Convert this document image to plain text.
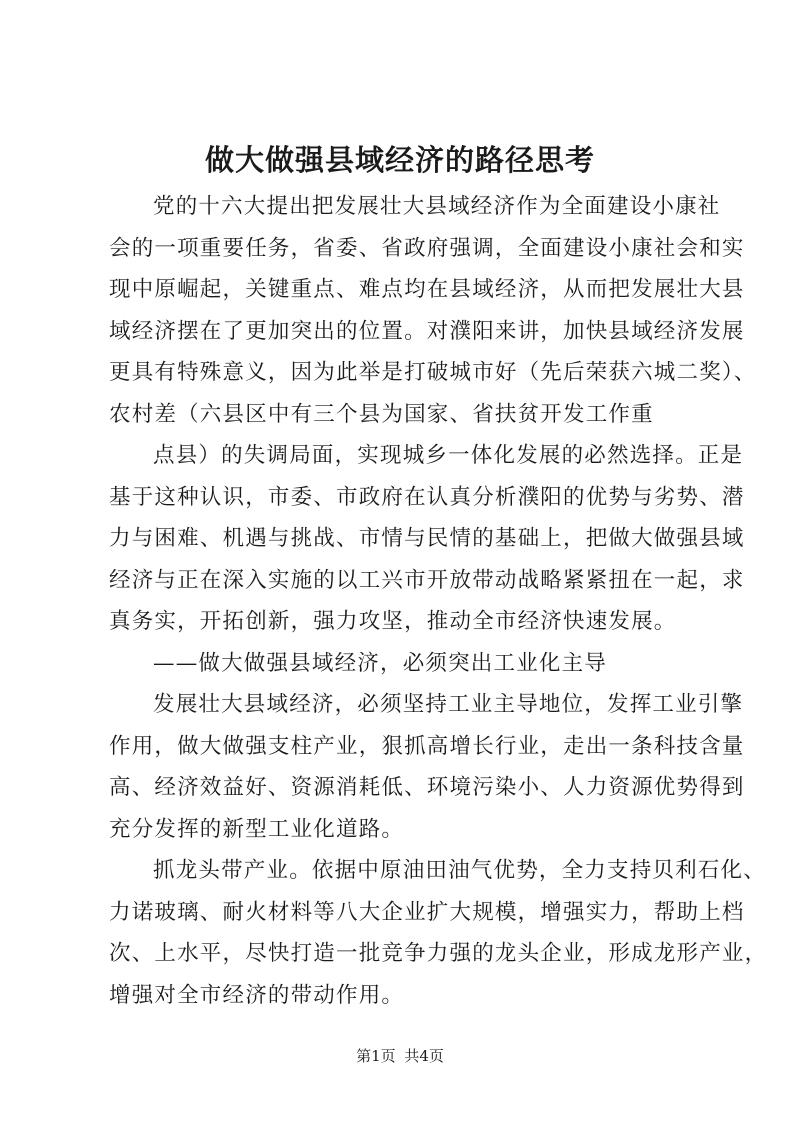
做大做强县域经济的路径思考
党的十六大提出把发展壮大县域经济作为全面建设小康社
会的一项重要任务，省委、省政府强调，全面建设小康社会和实
现中原崛起，关键重点、难点均在县域经济，从而把发展壮大县
域经济摆在了更加突出的位置。对濮阳来讲，加快县域经济发展
更具有特殊意义，因为此举是打破城市好（先后荣获六城二奖）、
农村差（六县区中有三个县为国家、省扶贫开发工作重
点县）的失调局面，实现城乡一体化发展的必然选择。正是
基于这种认识，市委、市政府在认真分析濮阳的优势与劣势、潜
力与困难、机遇与挑战、市情与民情的基础上，把做大做强县域
经济与正在深入实施的以工兴市开放带动战略紧紧扭在一起，求
真务实，开拓创新，强力攻坚，推动全市经济快速发展。
——做大做强县域经济，必须突出工业化主导
发展壮大县域经济，必须坚持工业主导地位，发挥工业引擎
作用，做大做强支柱产业，狠抓高增长行业，走出一条科技含量
高、经济效益好、资源消耗低、环境污染小、人力资源优势得到
充分发挥的新型工业化道路。
抓龙头带产业。依据中原油田油气优势，全力支持贝利石化、
力诺玻璃、耐火材料等八大企业扩大规模，增强实力，帮助上档
次、上水平，尽快打造一批竞争力强的龙头企业，形成龙形产业，
增强对全市经济的带动作用。
第1页 共4页
